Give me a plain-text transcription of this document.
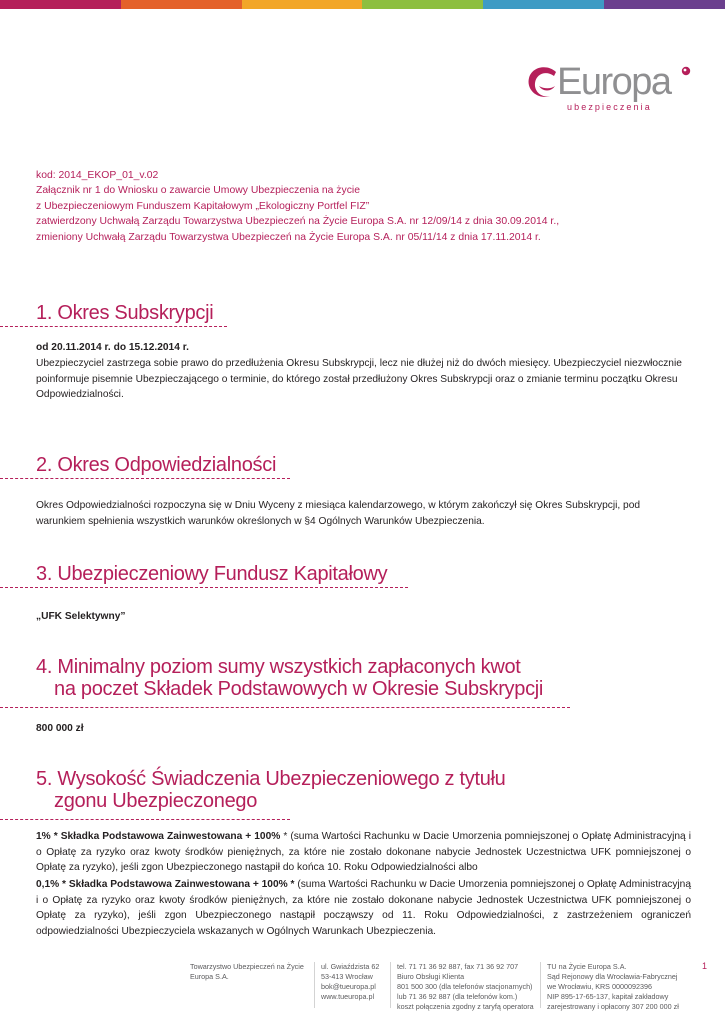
Europa
ubezpieczenia
kod: 2014_EKOP_01_v.02
Załącznik nr 1 do Wniosku o zawarcie Umowy Ubezpieczenia na życie
z Ubezpieczeniowym Funduszem Kapitałowym „Ekologiczny Portfel FIZ”
zatwierdzony Uchwałą Zarządu Towarzystwa Ubezpieczeń na Życie Europa S.A. nr 12/09/14 z dnia 30.09.2014 r.,
zmieniony Uchwałą Zarządu Towarzystwa Ubezpieczeń na Życie Europa S.A. nr 05/11/14 z dnia 17.11.2014 r.
1. Okres Subskrypcji
od 20.11.2014 r. do 15.12.2014 r.
Ubezpieczyciel zastrzega sobie prawo do przedłużenia Okresu Subskrypcji, lecz nie dłużej niż do dwóch miesięcy. Ubezpieczyciel niezwłocznie poinformuje pisemnie Ubezpieczającego o terminie, do którego został przedłużony Okres Subskrypcji oraz o zmianie terminu początku Okresu Odpowiedzialności.
2. Okres Odpowiedzialności
Okres Odpowiedzialności rozpoczyna się w Dniu Wyceny z miesiąca kalendarzowego, w którym zakończył się Okres Subskrypcji, pod warunkiem spełnienia wszystkich warunków określonych w §4 Ogólnych Warunków Ubezpieczenia.
3. Ubezpieczeniowy Fundusz Kapitałowy
„UFK Selektywny”
4. Minimalny poziom sumy wszystkich zapłaconych kwot
na poczet Składek Podstawowych w Okresie Subskrypcji
800 000 zł
5. Wysokość Świadczenia Ubezpieczeniowego z tytułu
zgonu Ubezpieczonego
1% * Składka Podstawowa Zainwestowana + 100% * (suma Wartości Rachunku w Dacie Umorzenia pomniejszonej o Opłatę Administracyjną i o Opłatę za ryzyko oraz kwoty środków pieniężnych, za które nie zostało dokonane nabycie Jednostek Uczestnictwa UFK pomniejszonej o Opłatę za ryzyko), jeśli zgon Ubezpieczonego nastąpił do końca 10. Roku Odpowiedzialności albo
0,1% * Składka Podstawowa Zainwestowana + 100% * (suma Wartości Rachunku w Dacie Umorzenia pomniejszonej o Opłatę Administracyjną i o Opłatę za ryzyko oraz kwoty środków pieniężnych, za które nie zostało dokonane nabycie Jednostek Uczestnictwa UFK pomniejszonej o Opłatę za ryzyko), jeśli zgon Ubezpieczonego nastąpił począwszy od 11. Roku Odpowiedzialności, z zastrzeżeniem ograniczeń odpowiedzialności Ubezpieczyciela wskazanych w Ogólnych Warunkach Ubezpieczenia.
Towarzystwo Ubezpieczeń na Życie
Europa S.A.
ul. Gwiaździsta 62
53-413 Wrocław
bok@tueuropa.pl
www.tueuropa.pl
tel. 71 71 36 92 887, fax 71 36 92 707
Biuro Obsługi Klienta
801 500 300 (dla telefonów stacjonarnych)
lub 71 36 92 887 (dla telefonów kom.)
koszt połączenia zgodny z taryfą operatora
TU na Życie Europa S.A.
Sąd Rejonowy dla Wrocławia-Fabrycznej
we Wrocławiu, KRS 0000092396
NIP 895-17-65-137, kapitał zakładowy
zarejestrowany i opłacony 307 200 000 zł
1
